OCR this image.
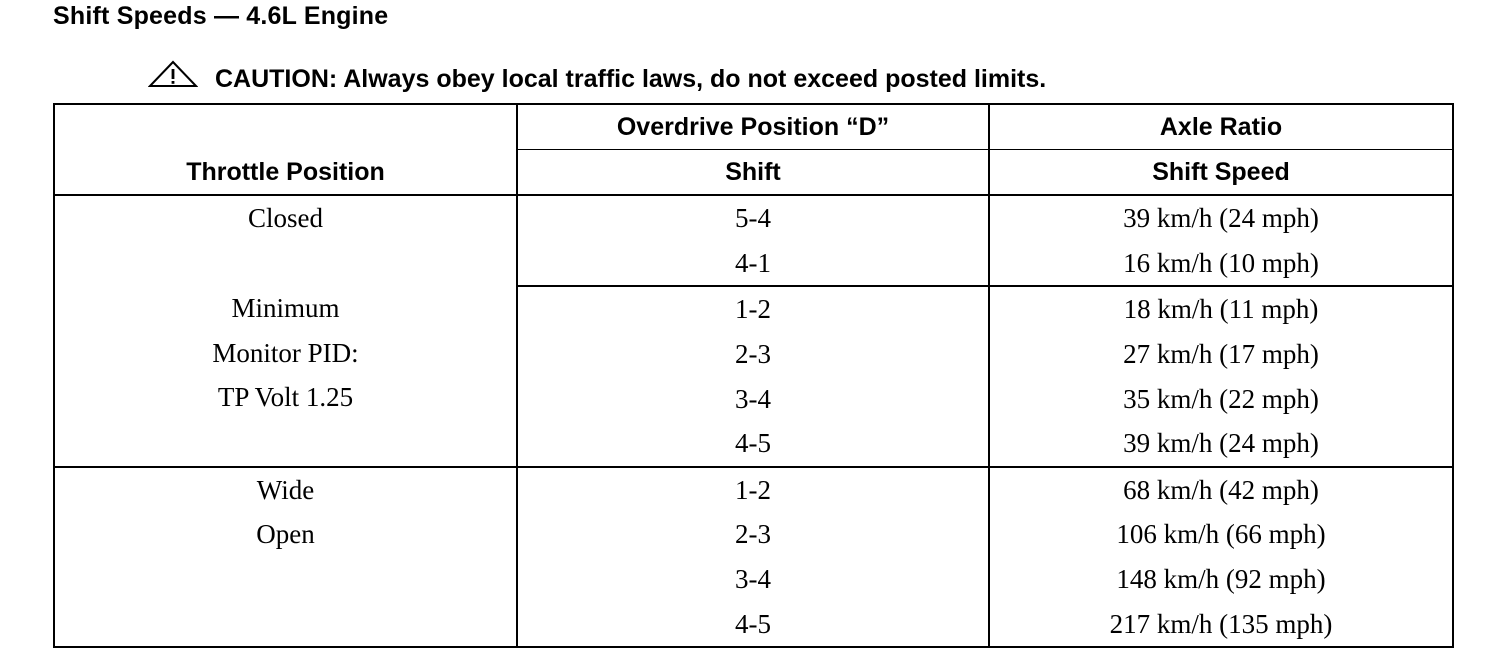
Shift Speeds — 4.6L Engine
CAUTION: Always obey local traffic laws, do not exceed posted limits.
Throttle Position	Overdrive Position “D”	Axle Ratio
	Shift	Shift Speed

Closed	5-4	39 km/h (24 mph)
	4-1	16 km/h (10 mph)

Minimum
Monitor PID:
TP Volt 1.25	1-2	18 km/h (11 mph)
	2-3	27 km/h (17 mph)
	3-4	35 km/h (22 mph)
	4-5	39 km/h (24 mph)

Wide
Open	1-2	68 km/h (42 mph)
	2-3	106 km/h (66 mph)
	3-4	148 km/h (92 mph)
	4-5	217 km/h (135 mph)
